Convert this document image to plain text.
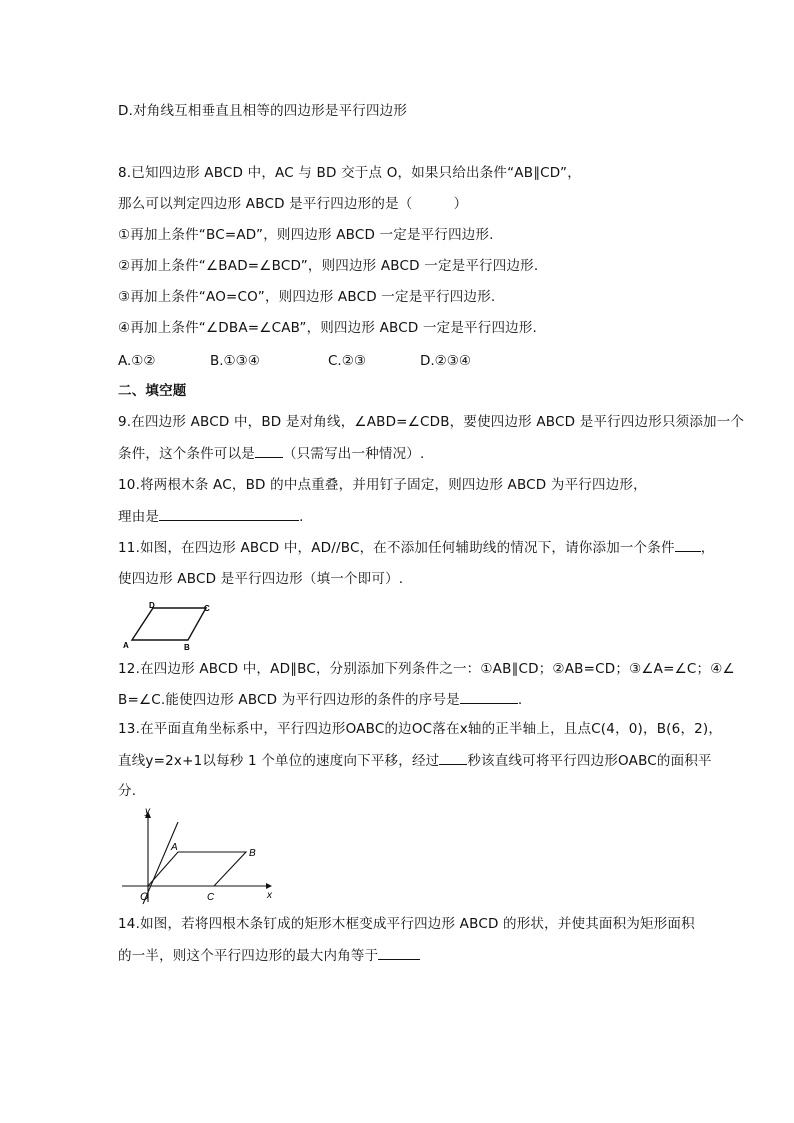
D.对角线互相垂直且相等的四边形是平行四边形
8.已知四边形 ABCD 中，AC 与 BD 交于点 O，如果只给出条件“AB∥CD”，
那么可以判定四边形 ABCD 是平行四边形的是（　　　）
①再加上条件“BC=AD”，则四边形 ABCD 一定是平行四边形.
②再加上条件“∠BAD=∠BCD”，则四边形 ABCD 一定是平行四边形.
③再加上条件“AO=CO”，则四边形 ABCD 一定是平行四边形.
④再加上条件“∠DBA=∠CAB”，则四边形 ABCD 一定是平行四边形.
A.①②	B.①③④	C.②③	D.②③④
二、填空题
9.在四边形 ABCD 中，BD 是对角线，∠ABD=∠CDB，要使四边形 ABCD 是平行四边形只须添加一个
条件，这个条件可以是 （只需写出一种情况）.
10.将两根木条 AC，BD 的中点重叠，并用钉子固定，则四边形 ABCD 为平行四边形，
理由是	.
11.如图，在四边形 ABCD 中，AD//BC，在不添加任何辅助线的情况下，请你添加一个条件 ，
使四边形 ABCD 是平行四边形（填一个即可）.
D	C
A	B
12.在四边形 ABCD 中，AD∥BC，分别添加下列条件之一：①AB∥CD；②AB=CD；③∠A=∠C；④∠
B=∠C.能使四边形 ABCD 为平行四边形的条件的序号是	.
13.在平面直角坐标系中，平行四边形OABC的边OC落在x轴的正半轴上，且点C(4，0)，B(6，2)，
直线y=2x+1以每秒 1 个单位的速度向下平移，经过 秒该直线可将平行四边形OABC的面积平
分.
y
x
O
A
B
C
14.如图，若将四根木条钉成的矩形木框变成平行四边形 ABCD 的形状，并使其面积为矩形面积
的一半，则这个平行四边形的最大内角等于
